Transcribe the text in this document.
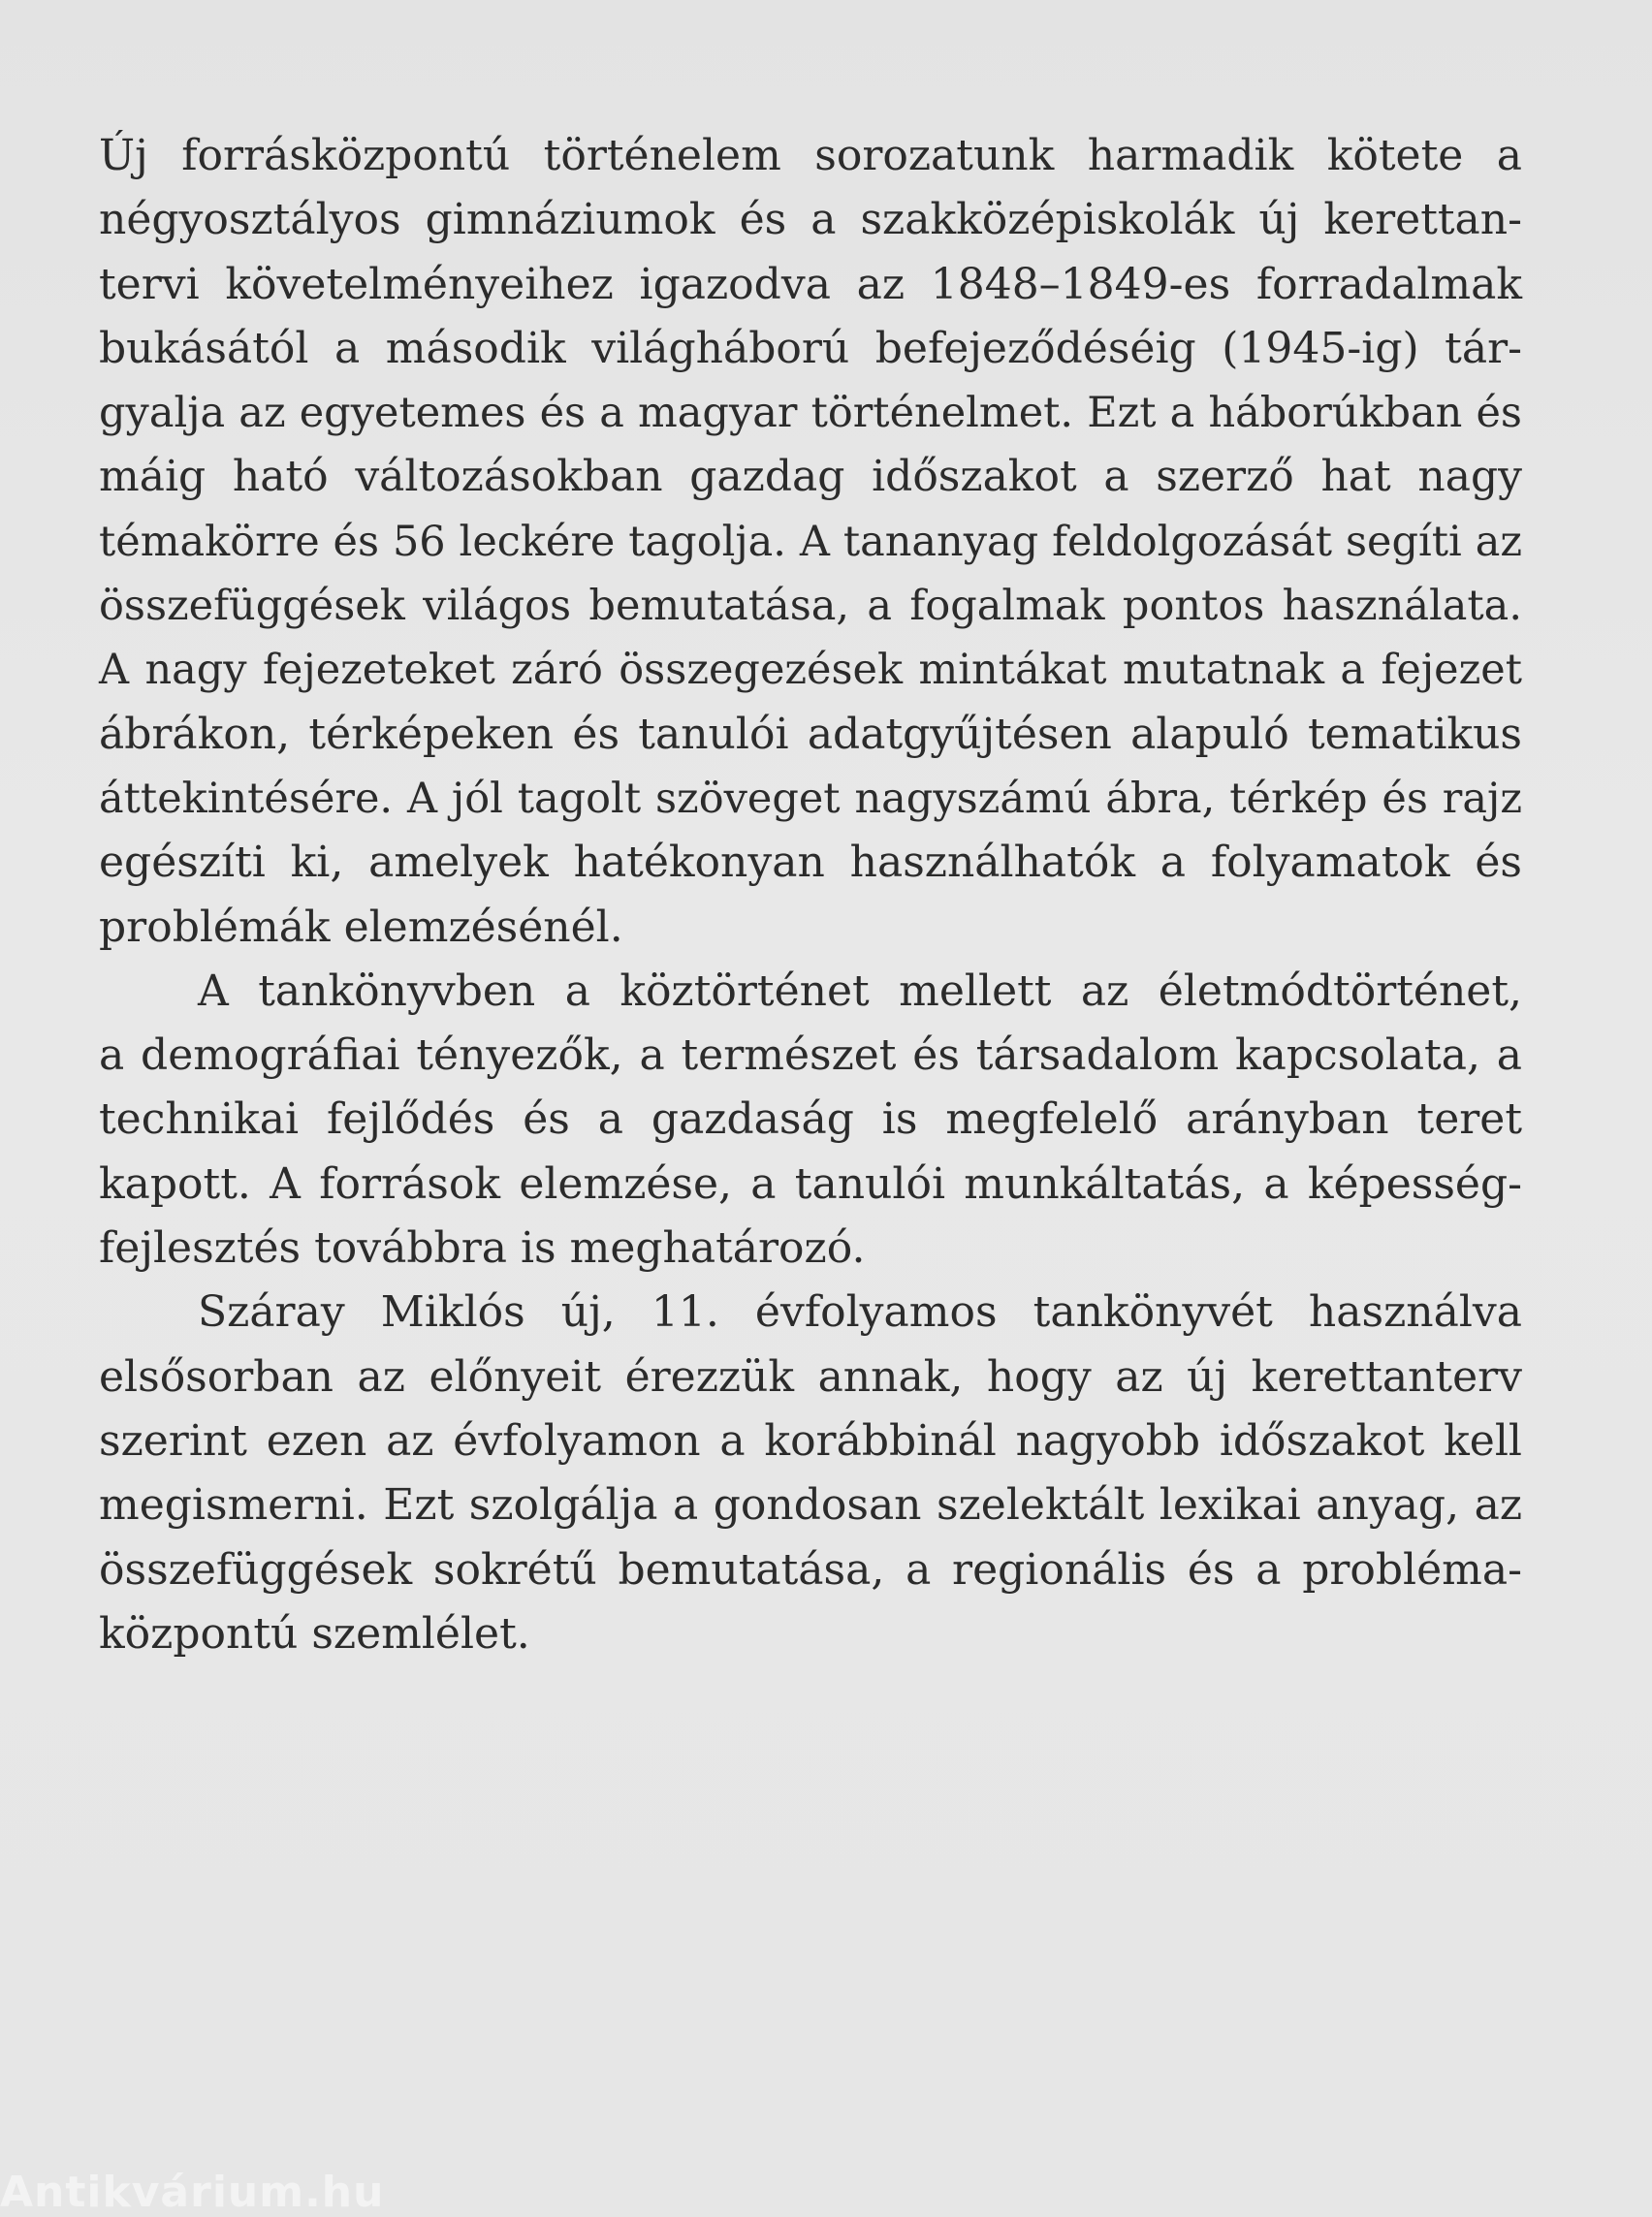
Új forrásközpontú történelem sorozatunk harmadik kötete a
négyosztályos gimnáziumok és a szakközépiskolák új kerettan-
tervi követelményeihez igazodva az 1848–1849-es forradalmak
bukásától a második világháború befejeződéséig (1945-ig) tár-
gyalja az egyetemes és a magyar történelmet. Ezt a háborúkban és
máig ható változásokban gazdag időszakot a szerző hat nagy
témakörre és 56 leckére tagolja. A tananyag feldolgozását segíti az
összefüggések világos bemutatása, a fogalmak pontos használata.
A nagy fejezeteket záró összegezések mintákat mutatnak a fejezet
ábrákon, térképeken és tanulói adatgyűjtésen alapuló tematikus
áttekintésére. A jól tagolt szöveget nagyszámú ábra, térkép és rajz
egészíti ki, amelyek hatékonyan használhatók a folyamatok és
problémák elemzésénél.
A tankönyvben a köztörténet mellett az életmódtörténet,
a demográfiai tényezők, a természet és társadalom kapcsolata, a
technikai fejlődés és a gazdaság is megfelelő arányban teret
kapott. A források elemzése, a tanulói munkáltatás, a képesség-
fejlesztés továbbra is meghatározó.
Száray Miklós új, 11. évfolyamos tankönyvét használva
elsősorban az előnyeit érezzük annak, hogy az új kerettanterv
szerint ezen az évfolyamon a korábbinál nagyobb időszakot kell
megismerni. Ezt szolgálja a gondosan szelektált lexikai anyag, az
összefüggések sokrétű bemutatása, a regionális és a probléma-
központú szemlélet.
Antikvárium.hu
